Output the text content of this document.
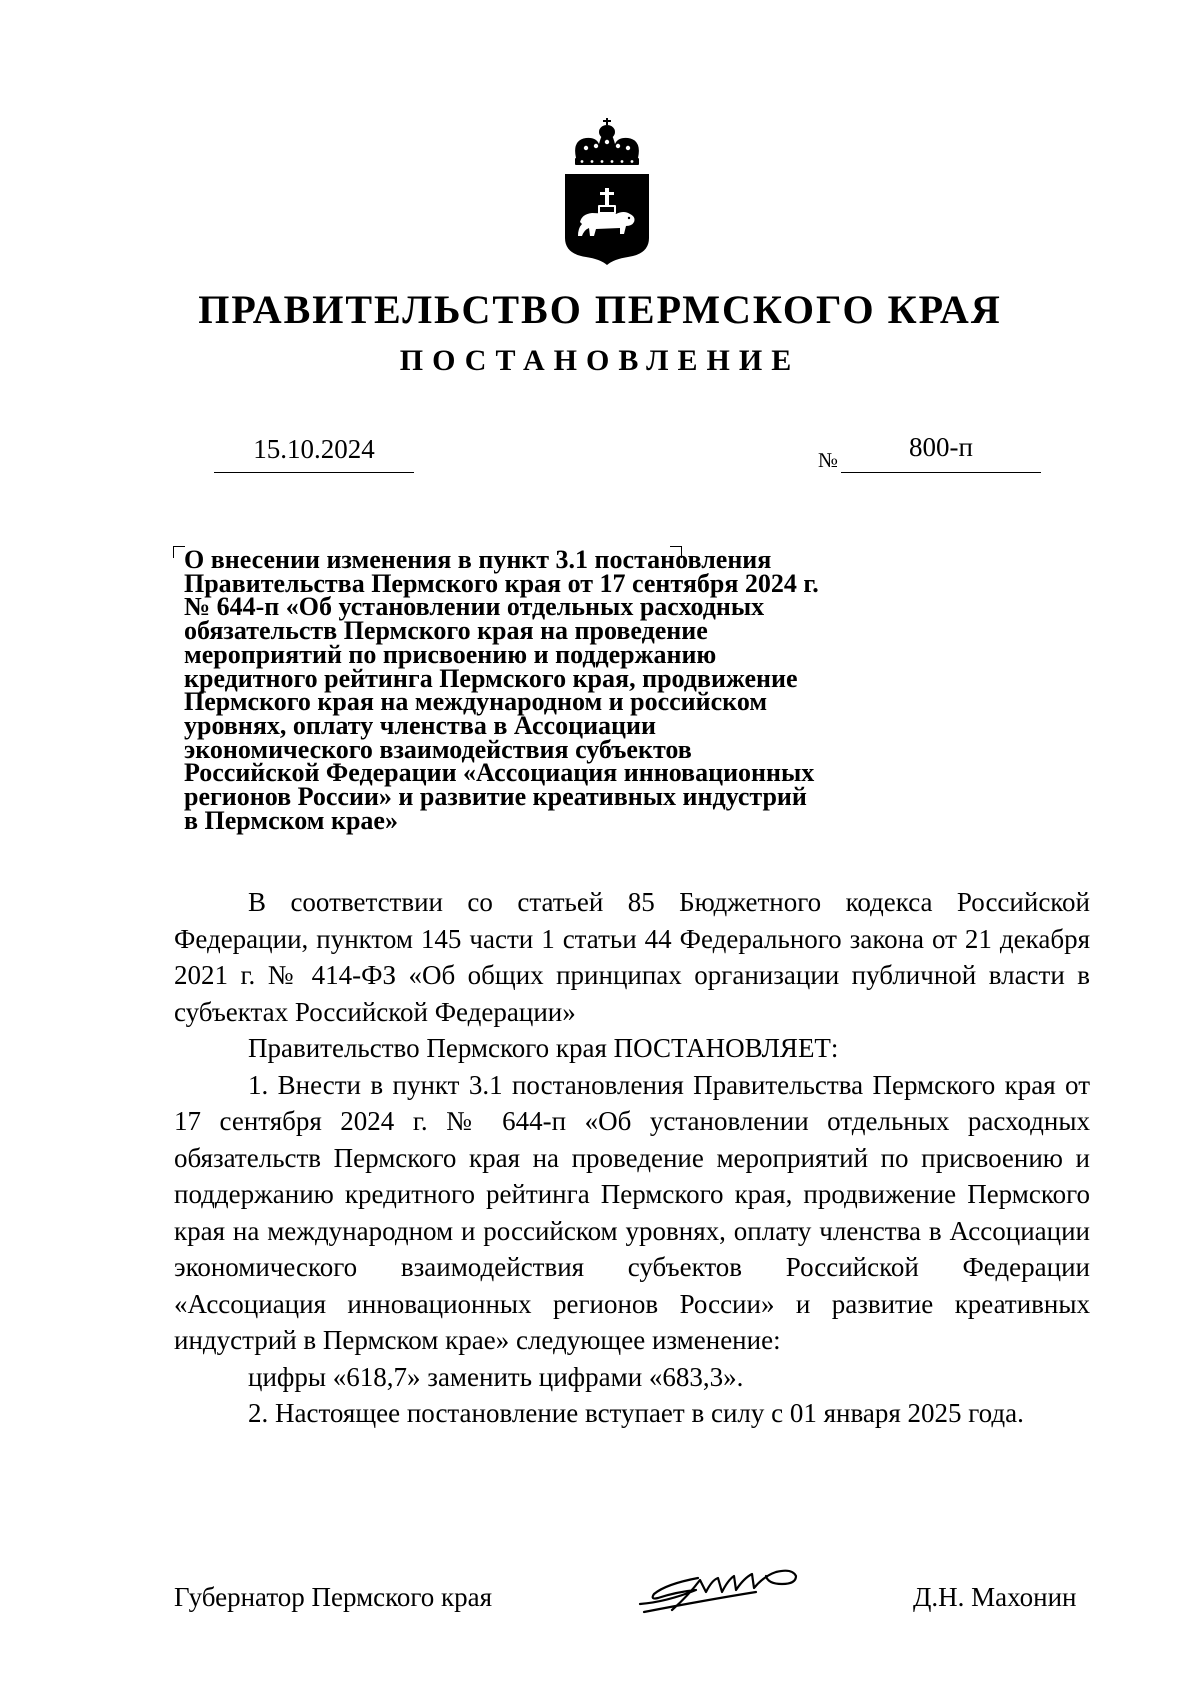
ПРАВИТЕЛЬСТВО ПЕРМСКОГО КРАЯ
ПОСТАНОВЛЕНИЕ
15.10.2024	№	800-п
О внесении изменения в пункт 3.1 постановления
Правительства Пермского края от 17 сентября 2024 г.
№ 644-п «Об установлении отдельных расходных
обязательств Пермского края на проведение
мероприятий по присвоению и поддержанию
кредитного рейтинга Пермского края, продвижение
Пермского края на международном и российском
уровнях, оплату членства в Ассоциации
экономического взаимодействия субъектов
Российской Федерации «Ассоциация инновационных
регионов России» и развитие креативных индустрий
в Пермском крае»

В соответствии со статьей 85 Бюджетного кодекса Российской Федерации, пунктом 145 части 1 статьи 44 Федерального закона от 21 декабря 2021 г. № 414-ФЗ «Об общих принципах организации публичной власти в субъектах Российской Федерации»

Правительство Пермского края ПОСТАНОВЛЯЕТ:

1. Внести в пункт 3.1 постановления Правительства Пермского края от 17 сентября 2024 г. № 644-п «Об установлении отдельных расходных обязательств Пермского края на проведение мероприятий по присвоению и поддержанию кредитного рейтинга Пермского края, продвижение Пермского края на международном и российском уровнях, оплату членства в Ассоциации экономического взаимодействия субъектов Российской Федерации «Ассоциация инновационных регионов России» и развитие креативных индустрий в Пермском крае» следующее изменение:

цифры «618,7» заменить цифрами «683,3».

2. Настоящее постановление вступает в силу с 01 января 2025 года.

Губернатор Пермского края	Д.Н. Махонин
